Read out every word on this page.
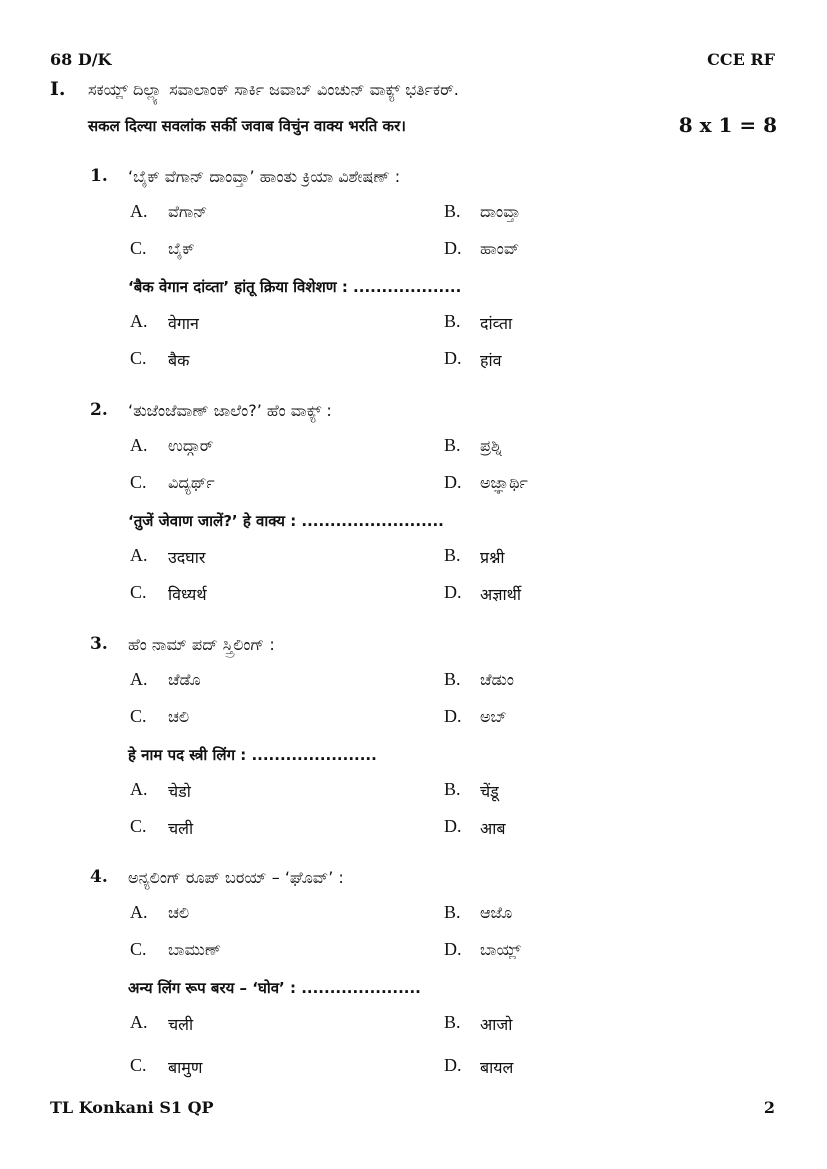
68 D/K	CCE RF
I. ಸಕಯ್ಲ್ ದಿಲ್ಲ್ಯಾ ಸವಾಲಾಂಕ್ ಸಾರ್ಕಿ ಜವಾಬ್ ವಿಂಚುನ್ ವಾಕ್ಯ್ ಭರ್ತಿಕರ್.
सकल दिल्या सवलांक सर्की जवाब विचुंन वाक्य भरति कर।	8 x 1 = 8
1. ‘ಬೈಕ್ ವೆಗಾನ್ ದಾಂವ್ತಾ’ ಹಾಂತು ಕ್ರಿಯಾ ವಿಶೇಷಣ್ :
A. ವೆಗಾನ್	B. ದಾಂವ್ತಾ
C. ಬೈಕ್	D. ಹಾಂವ್
‘बैक वेगान दांव्ता’ हांतू क्रिया विशेशण : ...................
A. वेगान	B. दांव्ता
C. बैक	D. हांव
2. ‘ತುಜೆಂಜೆವಾಣ್ ಜಾಲೆಂ?’ ಹೆಂ ವಾಕ್ಯ್ :
A. ಉದ್ಗಾರ್	B. ಪ್ರಶ್ನಿ
C. ವಿದ್ಯರ್ಥ್	D. ಅಜ್ಞಾರ್ಥಿ
‘तुजें जेवाण जालें?’ हे वाक्य : .........................
A. उदघार	B. प्रश्नी
C. विध्यर्थ	D. अज्ञार्थी
3. ಹೆಂ ನಾಮ್ ಪದ್ ಸ್ತ್ರಿಲಿಂಗ್ :
A. ಚೆಡೊ	B. ಚೆಡುಂ
C. ಚಲಿ	D. ಅಬ್
हे नाम पद स्त्री लिंग : ......................
A. चेडो	B. चेंडू
C. चली	D. आब
4. ಅನ್ಯಲಿಂಗ್ ರೂಪ್ ಬರಯ್ – ‘ಘೊವ್’ :
A. ಚಲಿ	B. ಆಜೊ
C. ಬಾಮುಣ್	D. ಬಾಯ್ಲ್
अन्य लिंग रूप बरय – ‘घोव’ : .....................
A. चली	B. आजो
C. बामुण	D. बायल
TL Konkani S1 QP	2
